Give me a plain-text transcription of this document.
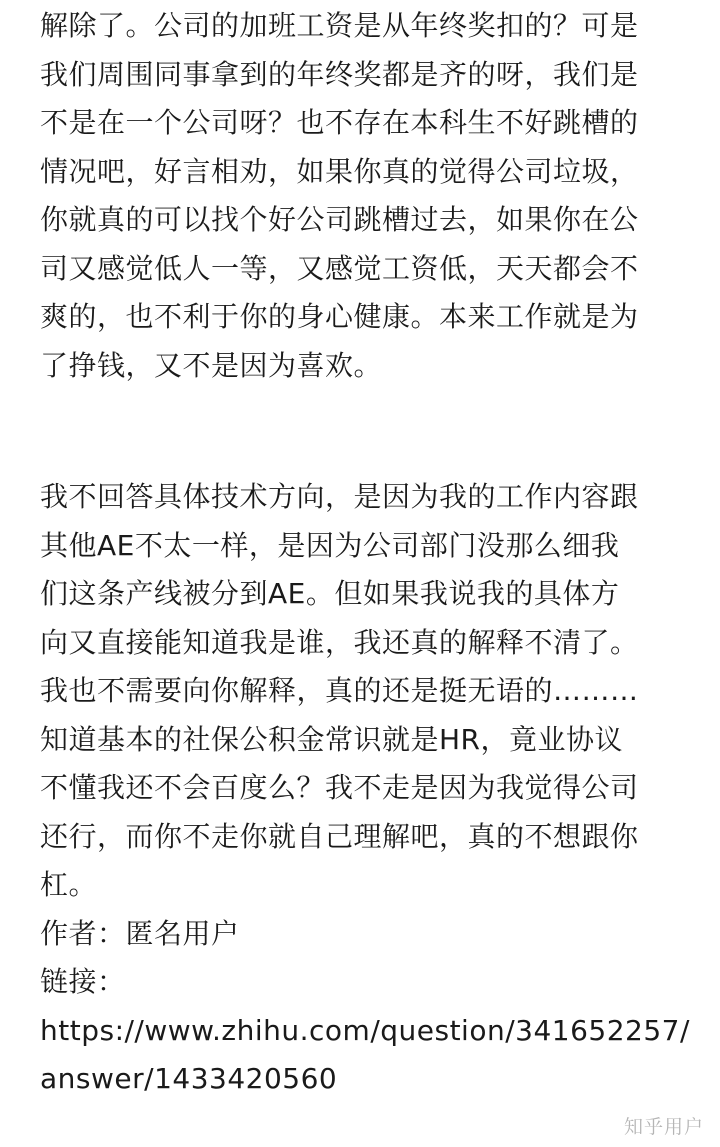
解除了。公司的加班工资是从年终奖扣的？可是
我们周围同事拿到的年终奖都是齐的呀，我们是
不是在一个公司呀？也不存在本科生不好跳槽的
情况吧，好言相劝，如果你真的觉得公司垃圾，
你就真的可以找个好公司跳槽过去，如果你在公
司又感觉低人一等，又感觉工资低，天天都会不
爽的，也不利于你的身心健康。本来工作就是为
了挣钱，又不是因为喜欢。
我不回答具体技术方向，是因为我的工作内容跟
其他AE不太一样，是因为公司部门没那么细我
们这条产线被分到AE。但如果我说我的具体方
向又直接能知道我是谁，我还真的解释不清了。
我也不需要向你解释，真的还是挺无语的………
知道基本的社保公积金常识就是HR，竟业协议
不懂我还不会百度么？我不走是因为我觉得公司
还行，而你不走你就自己理解吧，真的不想跟你
杠。
作者：匿名用户
链接：
https://www.zhihu.com/question/341652257/
answer/1433420560
知乎用户
